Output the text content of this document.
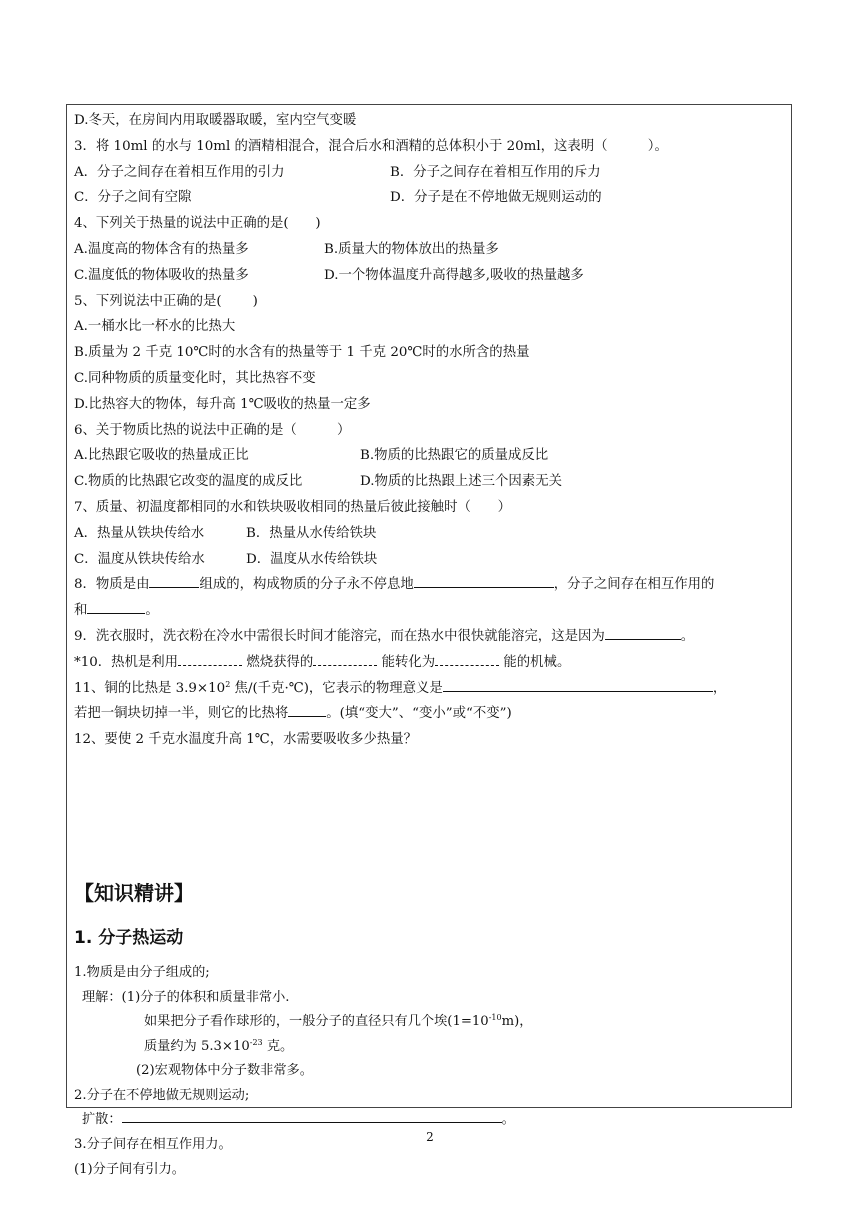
D.冬天，在房间内用取暖器取暖，室内空气变暖
3．将 10ml 的水与 10ml 的酒精相混合，混合后水和酒精的总体积小于 20ml，这表明（　　　）。
A．分子之间存在着相互作用的引力	B．分子之间存在着相互作用的斥力
C．分子之间有空隙	D．分子是在不停地做无规则运动的
4、下列关于热量的说法中正确的是(　　)
A.温度高的物体含有的热量多	B.质量大的物体放出的热量多
C.温度低的物体吸收的热量多	D.一个物体温度升高得越多,吸收的热量越多
5、下列说法中正确的是(　　 )
A.一桶水比一杯水的比热大
B.质量为 2 千克 10℃时的水含有的热量等于 1 千克 20℃时的水所含的热量
C.同种物质的质量变化时，其比热容不变
D.比热容大的物体，每升高 1℃吸收的热量一定多
6、关于物质比热的说法中正确的是（　　　）
A.比热跟它吸收的热量成正比	B.物质的比热跟它的质量成反比
C.物质的比热跟它改变的温度的成反比	D.物质的比热跟上述三个因素无关
7、质量、初温度都相同的水和铁块吸收相同的热量后彼此接触时（　　）
A．热量从铁块传给水	B．热量从水传给铁块
C．温度从铁块传给水	D．温度从水传给铁块
8．物质是由	组成的，构成物质的分子永不停息地	，分子之间存在相互作用的
和	。
9．洗衣服时，洗衣粉在冷水中需很长时间才能溶完，而在热水中很快就能溶完，这是因为	。
*10．热机是利用	燃烧获得的	能转化为	能的机械。
11、铜的比热是 $3.9\times 10^2$ 焦/(千克·℃)，它表示的物理意义是	，
若把一铜块切掉一半，则它的比热将	。(填“变大”、“变小”或“不变”)
12、要使 2 千克水温度升高 1℃，水需要吸收多少热量？
【知识精讲】
1. 分子热运动
1.物质是由分子组成的;
理解：(1)分子的体积和质量非常小.
如果把分子看作球形的，一般分子的直径只有几个埃$(1=10^{-10}m)$，
质量约为 $5.3\times 10^{-23}$ 克。
(2)宏观物体中分子数非常多。
2.分子在不停地做无规则运动;
扩散：	。
3.分子间存在相互作用力。
(1)分子间有引力。
2
